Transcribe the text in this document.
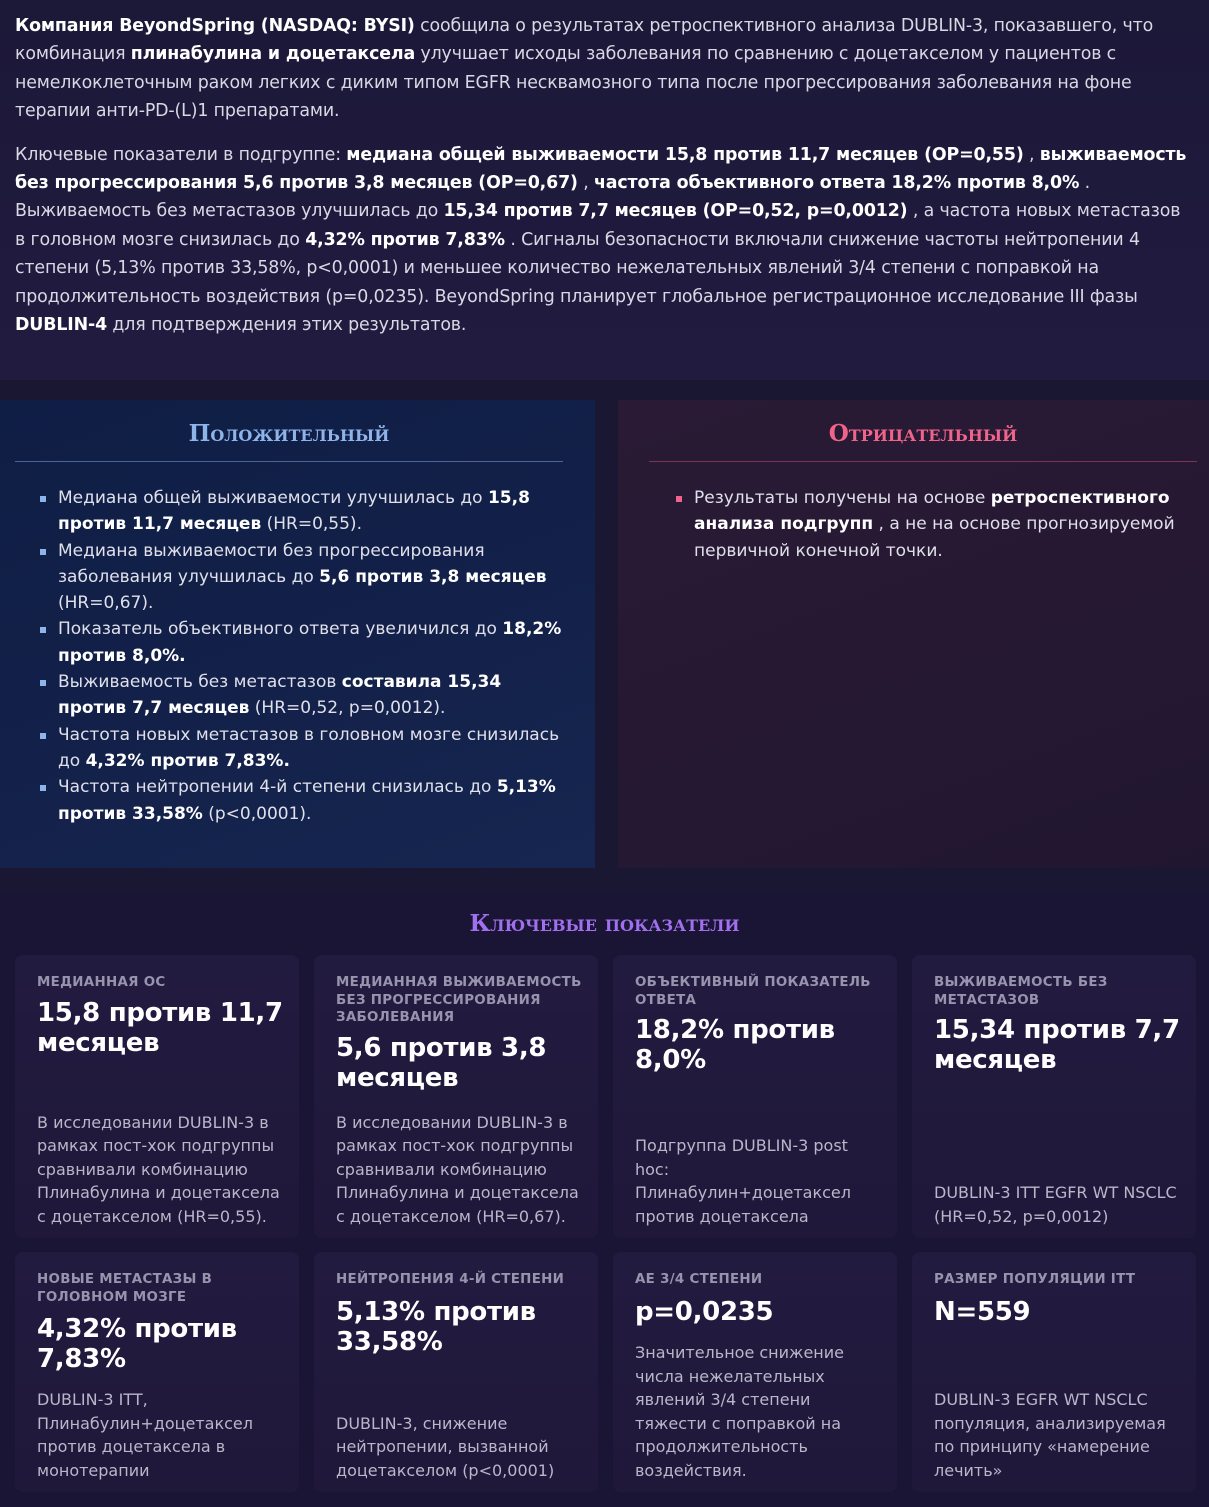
Компания BeyondSpring (NASDAQ: BYSI) сообщила о результатах ретроспективного анализа DUBLIN-3, показавшего, что комбинация плинабулина и доцетаксела улучшает исходы заболевания по сравнению с доцетакселом у пациентов с немелкоклеточным раком легких с диким типом EGFR несквамозного типа после прогрессирования заболевания на фоне терапии анти-PD-(L)1 препаратами.

Ключевые показатели в подгруппе: медиана общей выживаемости 15,8 против 11,7 месяцев (ОР=0,55) , выживаемость без прогрессирования 5,6 против 3,8 месяцев (ОР=0,67) , частота объективного ответа 18,2% против 8,0% . Выживаемость без метастазов улучшилась до 15,34 против 7,7 месяцев (ОР=0,52, p=0,0012) , а частота новых метастазов в головном мозге снизилась до 4,32% против 7,83% . Сигналы безопасности включали снижение частоты нейтропении 4 степени (5,13% против 33,58%, p<0,0001) и меньшее количество нежелательных явлений 3/4 степени с поправкой на продолжительность воздействия (p=0,0235). BeyondSpring планирует глобальное регистрационное исследование III фазы DUBLIN-4 для подтверждения этих результатов.

Положительный
Медиана общей выживаемости улучшилась до 15,8 против 11,7 месяцев (HR=0,55).
Медиана выживаемости без прогрессирования заболевания улучшилась до 5,6 против 3,8 месяцев (HR=0,67).
Показатель объективного ответа увеличился до 18,2% против 8,0%.
Выживаемость без метастазов составила 15,34 против 7,7 месяцев (HR=0,52, p=0,0012).
Частота новых метастазов в головном мозге снизилась до 4,32% против 7,83%.
Частота нейтропении 4-й степени снизилась до 5,13% против 33,58% (p<0,0001).
Отрицательный
Результаты получены на основе ретроспективного анализа подгрупп , а не на основе прогнозируемой первичной конечной точки.
Ключевые показатели
МЕДИАННАЯ ОС
15,8 против 11,7 месяцев
В исследовании DUBLIN-3 в рамках пост-хок подгруппы сравнивали комбинацию Плинабулина и доцетаксела с доцетакселом (HR=0,55).
МЕДИАННАЯ ВЫЖИВАЕМОСТЬ БЕЗ ПРОГРЕССИРОВАНИЯ ЗАБОЛЕВАНИЯ
5,6 против 3,8 месяцев
В исследовании DUBLIN-3 в рамках пост-хок подгруппы сравнивали комбинацию Плинабулина и доцетаксела с доцетакселом (HR=0,67).
ОБЪЕКТИВНЫЙ ПОКАЗАТЕЛЬ ОТВЕТА
18,2% против 8,0%
Подгруппа DUBLIN-3 post hoc: Плинабулин+доцетаксел против доцетаксела
ВЫЖИВАЕМОСТЬ БЕЗ МЕТАСТАЗОВ
15,34 против 7,7 месяцев
DUBLIN-3 ITT EGFR WT NSCLC (HR=0,52, p=0,0012)
НОВЫЕ МЕТАСТАЗЫ В ГОЛОВНОМ МОЗГЕ
4,32% против 7,83%
DUBLIN-3 ITT, Плинабулин+доцетаксел против доцетаксела в монотерапии
НЕЙТРОПЕНИЯ 4-Й СТЕПЕНИ
5,13% против 33,58%
DUBLIN-3, снижение нейтропении, вызванной доцетакселом (p<0,0001)
AE 3/4 СТЕПЕНИ
p=0,0235
Значительное снижение числа нежелательных явлений 3/4 степени тяжести с поправкой на продолжительность воздействия.
РАЗМЕР ПОПУЛЯЦИИ ITT
N=559
DUBLIN-3 EGFR WT NSCLC популяция, анализируемая по принципу «намерение лечить»
